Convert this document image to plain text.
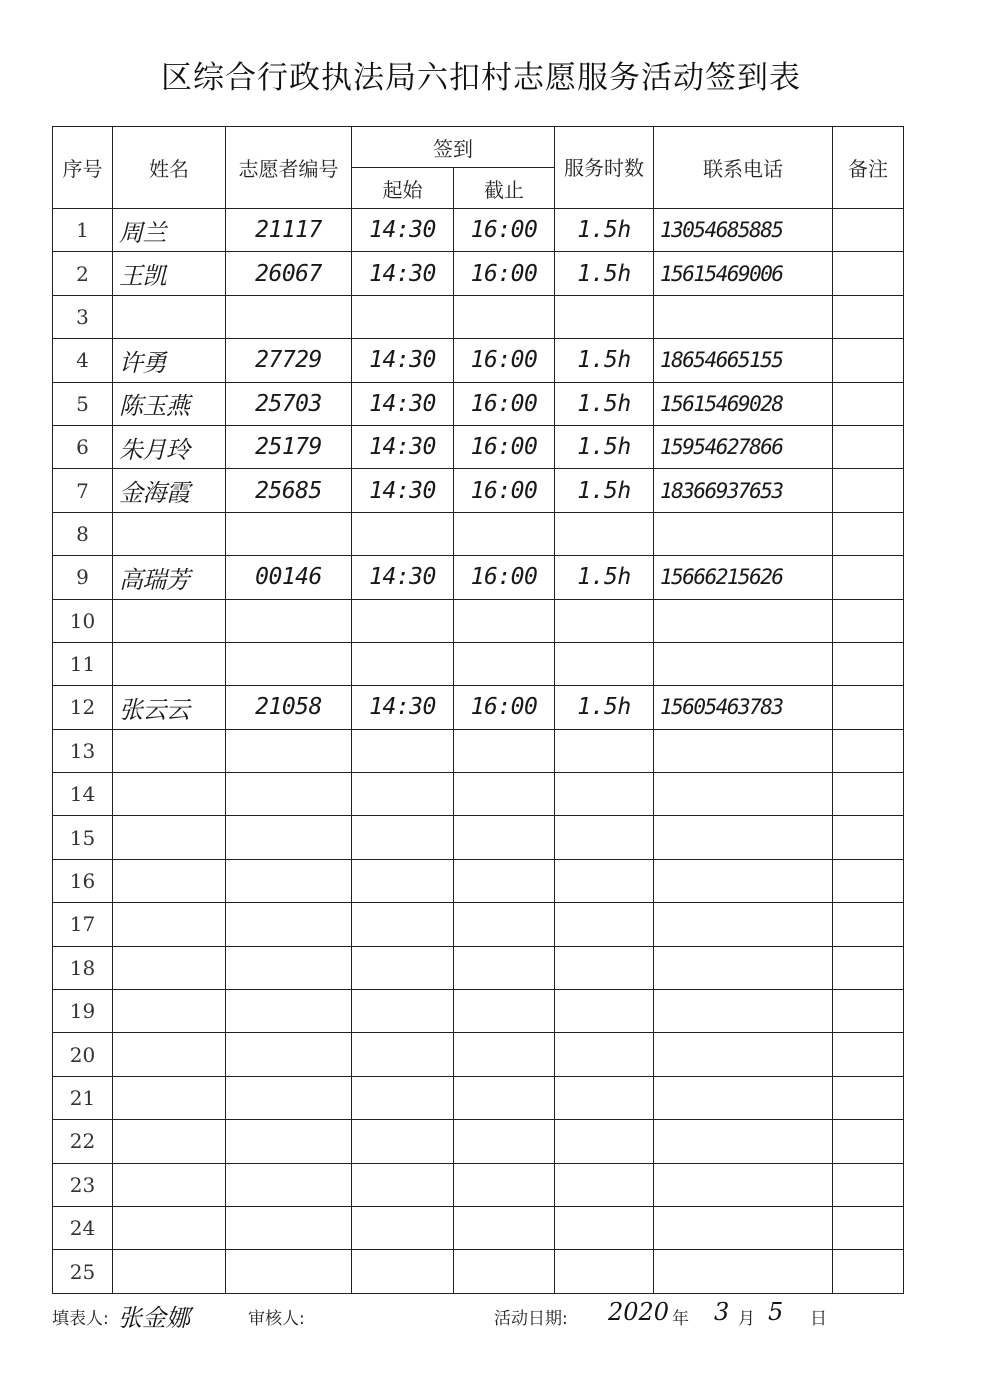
区综合行政执法局六扣村志愿服务活动签到表
序号	姓名	志愿者编号	签到		服务时数	联系电话	备注
			起始	截止			
1	周兰	21117	14:30	16:00	1.5h	13054685885	
2	王凯	26067	14:30	16:00	1.5h	15615469006	
3							
4	许勇	27729	14:30	16:00	1.5h	18654665155	
5	陈玉燕	25703	14:30	16:00	1.5h	15615469028	
6	朱月玲	25179	14:30	16:00	1.5h	15954627866	
7	金海霞	25685	14:30	16:00	1.5h	18366937653	
8							
9	高瑞芳	00146	14:30	16:00	1.5h	15666215626	
10							
11							
12	张云云	21058	14:30	16:00	1.5h	15605463783	
13							
14							
15							
16							
17							
18							
19							
20							
21							
22							
23							
24							
25							
填表人: 张金娜	审核人:	活动日期: 2020 年 3 月 5 日
